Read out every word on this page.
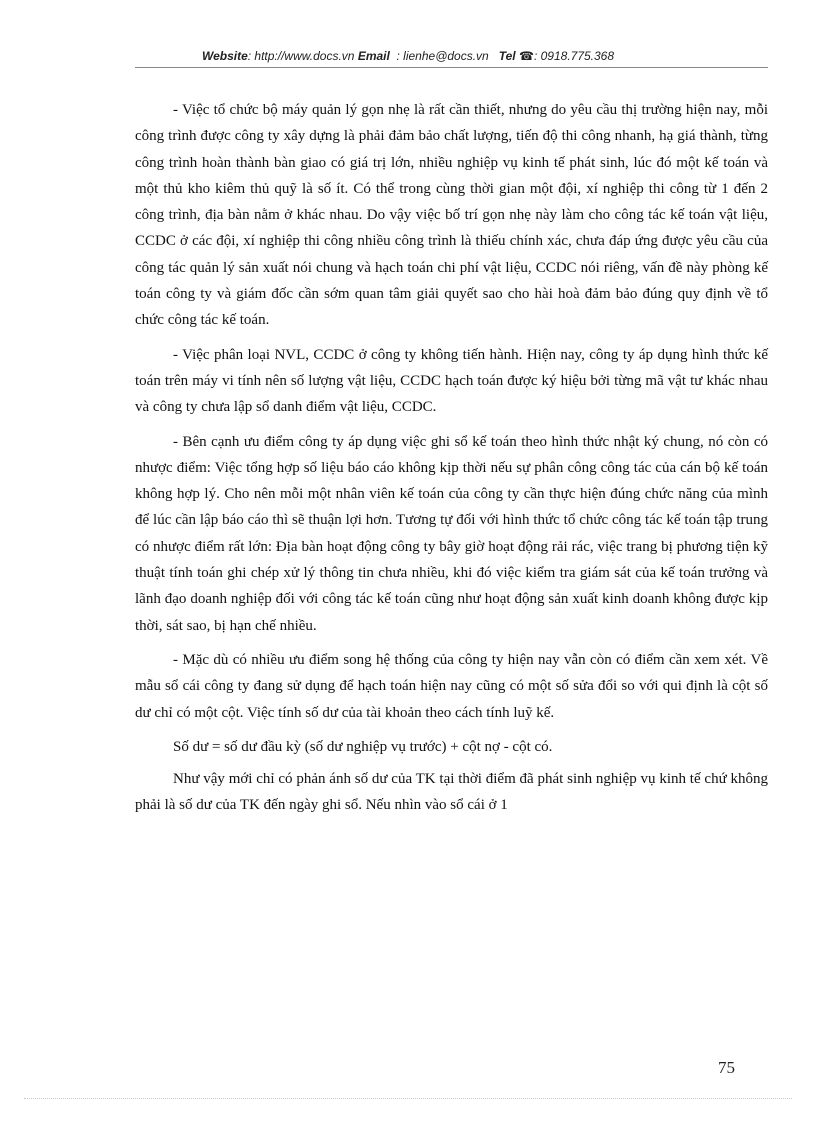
Website: http://www.docs.vn Email : lienhe@docs.vn Tel ☎: 0918.775.368

- Việc tổ chức bộ máy quản lý gọn nhẹ là rất cần thiết, nhưng do yêu cầu thị trường hiện nay, mỗi công trình được công ty xây dựng là phải đảm bảo chất lượng, tiến độ thi công nhanh, hạ giá thành, từng công trình hoàn thành bàn giao có giá trị lớn, nhiều nghiệp vụ kinh tế phát sinh, lúc đó một kế toán và một thủ kho kiêm thủ quỹ là số ít. Có thể trong cùng thời gian một đội, xí nghiệp thi công từ 1 đến 2 công trình, địa bàn nằm ở khác nhau. Do vậy việc bố trí gọn nhẹ này làm cho công tác kế toán vật liệu, CCDC ở các đội, xí nghiệp thi công nhiều công trình là thiếu chính xác, chưa đáp ứng được yêu cầu của công tác quản lý sản xuất nói chung và hạch toán chi phí vật liệu, CCDC nói riêng, vấn đề này phòng kế toán công ty và giám đốc cần sớm quan tâm giải quyết sao cho hài hoà đảm bảo đúng quy định về tổ chức công tác kế toán.

- Việc phân loại NVL, CCDC ở công ty không tiến hành. Hiện nay, công ty áp dụng hình thức kế toán trên máy vi tính nên số lượng vật liệu, CCDC hạch toán được ký hiệu bởi từng mã vật tư khác nhau và công ty chưa lập sổ danh điểm vật liệu, CCDC.

- Bên cạnh ưu điểm công ty áp dụng việc ghi sổ kế toán theo hình thức nhật ký chung, nó còn có nhược điểm: Việc tổng hợp số liệu báo cáo không kịp thời nếu sự phân công công tác của cán bộ kế toán không hợp lý. Cho nên mỗi một nhân viên kế toán của công ty cần thực hiện đúng chức năng của mình để lúc cần lập báo cáo thì sẽ thuận lợi hơn. Tương tự đối với hình thức tổ chức công tác kế toán tập trung có nhược điểm rất lớn: Địa bàn hoạt động công ty bây giờ hoạt động rải rác, việc trang bị phương tiện kỹ thuật tính toán ghi chép xử lý thông tin chưa nhiều, khi đó việc kiểm tra giám sát của kế toán trưởng và lãnh đạo doanh nghiệp đối với công tác kế toán cũng như hoạt động sản xuất kinh doanh không được kịp thời, sát sao, bị hạn chế nhiều.

- Mặc dù có nhiều ưu điểm song hệ thống của công ty hiện nay vẫn còn có điểm cần xem xét. Về mẫu sổ cái công ty đang sử dụng để hạch toán hiện nay cũng có một số sửa đổi so với qui định là cột số dư chỉ có một cột. Việc tính số dư của tài khoản theo cách tính luỹ kế.

Số dư = số dư đầu kỳ (số dư nghiệp vụ trước) + cột nợ - cột có.

Như vậy mới chỉ có phản ánh số dư của TK tại thời điểm đã phát sinh nghiệp vụ kinh tế chứ không phải là số dư của TK đến ngày ghi sổ. Nếu nhìn vào sổ cái ở 1

75
